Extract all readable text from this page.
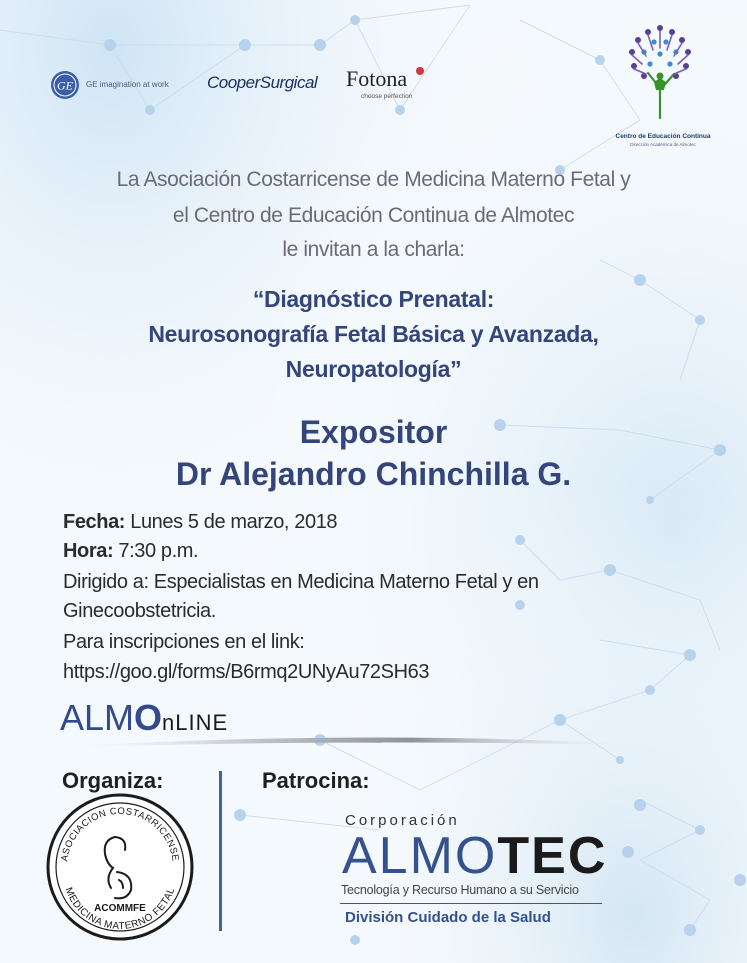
GE GE imagination at work CooperSurgical Fotona
choose perfection
Centro de Educación Continua
Dirección Académica de Almotec
La Asociación Costarricense de Medicina Materno Fetal y
el Centro de Educación Continua de Almotec
le invitan a la charla:
“Diagnóstico Prenatal:
Neurosonografía Fetal Básica y Avanzada,
Neuropatología”
Expositor
Dr Alejandro Chinchilla G.
Fecha: Lunes 5 de marzo, 2018
Hora: 7:30 p.m.
Dirigido a: Especialistas en Medicina Materno Fetal y en
Ginecoobstetricia.
Para inscripciones en el link:
https://goo.gl/forms/B6rmq2UNyAu72SH63
ALMOnLINE
Organiza:	Patrocina:
ASOCIACION COSTARRICENSE
MEDICINA MATERNO FETAL
ACOMMFE
Corporación
ALMOTEC
Tecnología y Recurso Humano a su Servicio
División Cuidado de la Salud
